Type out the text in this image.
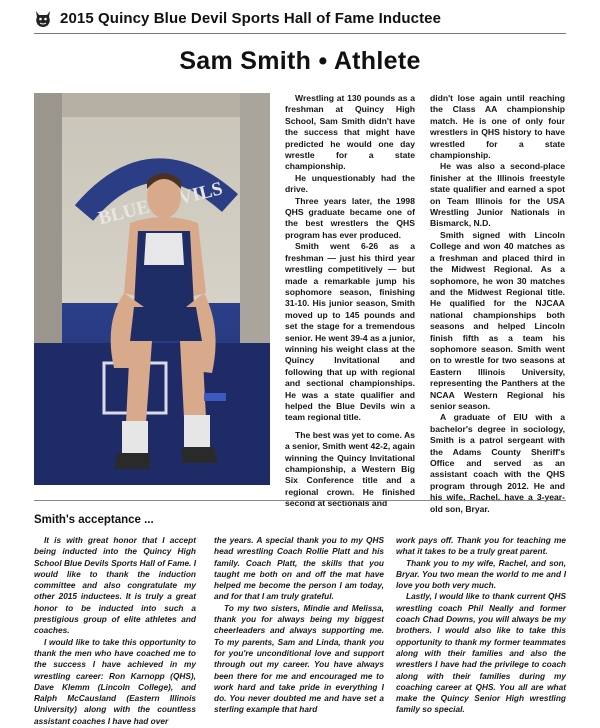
2015 Quincy Blue Devil Sports Hall of Fame Inductee
Sam Smith • Athlete
BLUE DEVILS

Wrestling at 130 pounds as a freshman at Quincy High School, Sam Smith didn't have the success that might have predicted he would one day wrestle for a state championship.

He unquestionably had the drive.

Three years later, the 1998 QHS graduate became one of the best wrestlers the QHS program has ever produced.

Smith went 6-26 as a freshman — just his third year wrestling competitively — but made a remarkable jump his sophomore season, finishing 31-10. His junior season, Smith moved up to 145 pounds and set the stage for a tremendous senior. He went 39-4 as a junior, winning his weight class at the Quincy Invitational and following that up with regional and sectional championships. He was a state qualifier and helped the Blue Devils win a team regional title.

The best was yet to come. As a senior, Smith went 42-2, again winning the Quincy Invitational championship, a Western Big Six Conference title and a regional crown. He finished second at sectionals and

didn't lose again until reaching the Class AA championship match. He is one of only four wrestlers in QHS history to have wrestled for a state championship.

He was also a second-place finisher at the Illinois freestyle state qualifier and earned a spot on Team Illinois for the USA Wrestling Junior Nationals in Bismarck, N.D.

Smith signed with Lincoln College and won 40 matches as a freshman and placed third in the Midwest Regional. As a sophomore, he won 30 matches and the Midwest Regional title. He qualified for the NJCAA national championships both seasons and helped Lincoln finish fifth as a team his sophomore season. Smith went on to wrestle for two seasons at Eastern Illinois University, representing the Panthers at the NCAA Western Regional his senior season.

A graduate of EIU with a bachelor's degree in sociology, Smith is a patrol sergeant with the Adams County Sheriff's Office and served as an assistant coach with the QHS program through 2012. He and his wife, Rachel, have a 3-year-old son, Bryar.

Smith's acceptance ...

It is with great honor that I accept being inducted into the Quincy High School Blue Devils Sports Hall of Fame. I would like to thank the induction committee and also congratulate my other 2015 inductees. It is truly a great honor to be inducted into such a prestigious group of elite athletes and coaches.

I would like to take this opportunity to thank the men who have coached me to the success I have achieved in my wrestling career: Ron Karnopp (QHS), Dave Klemm (Lincoln College), and Ralph McCausland (Eastern Illinois University) along with the countless assistant coaches I have had over

the years. A special thank you to my QHS head wrestling Coach Rollie Platt and his family. Coach Platt, the skills that you taught me both on and off the mat have helped me become the person I am today, and for that I am truly grateful.

To my two sisters, Mindie and Melissa, thank you for always being my biggest cheerleaders and always supporting me. To my parents, Sam and Linda, thank you for you're unconditional love and support through out my career. You have always been there for me and encouraged me to work hard and take pride in everything I do. You never doubted me and have set a sterling example that hard

work pays off. Thank you for teaching me what it takes to be a truly great parent.

Thank you to my wife, Rachel, and son, Bryar. You two mean the world to me and I love you both very much.

Lastly, I would like to thank current QHS wrestling coach Phil Neally and former coach Chad Downs, you will always be my brothers. I would also like to take this opportunity to thank my former teammates along with their families and also the wrestlers I have had the privilege to coach along with their families during my coaching career at QHS. You all are what make the Quincy Senior High wrestling family so special.
